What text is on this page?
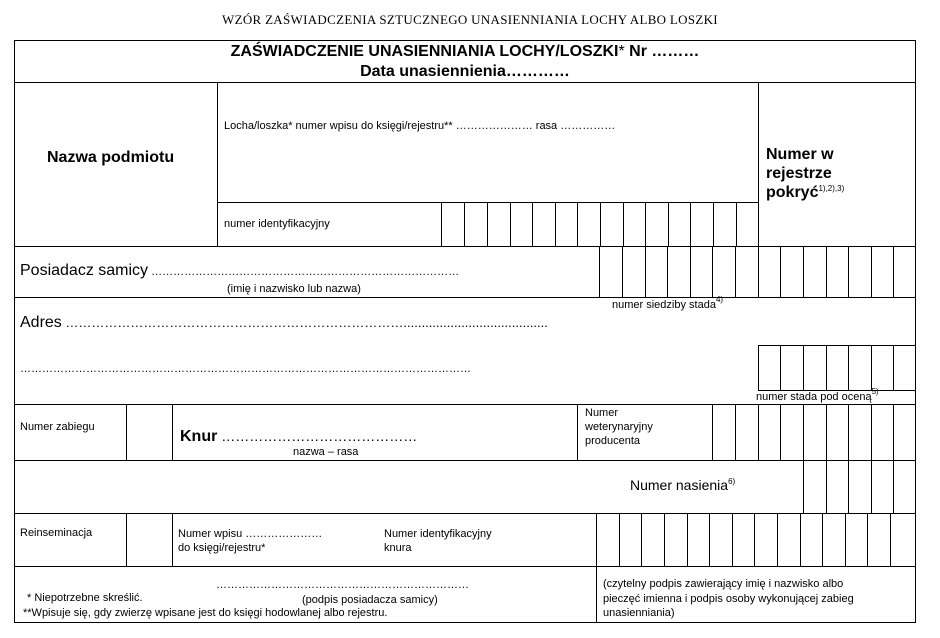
WZÓR ZAŚWIADCZENIA SZTUCZNEGO UNASIENNIANIA LOCHY ALBO LOSZKI
ZAŚWIADCZENIE UNASIENNIANIA LOCHY/LOSZKI* Nr ………
Data unasiennienia…………
Nazwa podmiotu
Locha/loszka* numer wpisu do księgi/rejestru** ………………… rasa ……………
numer identyfikacyjny
Numer w
rejestrze
pokryć$^{1),2),3)}$
Posiadacz samicy …………………………………………………………………………
(imię i nazwisko lub nazwa)
numer siedziby stada$^{4)}$
Adres ……………………………………………………………………........................................
……………………………………………………………………………………………………………
numer stada pod oceną$^{5)}$
Numer zabiegu
Knur ……………………………………
nazwa – rasa
Numer
weterynaryjny
producenta
Numer nasienia$^{6)}$
Reinseminacja	Numer wpisu …………………
do księgi/rejestru*
Numer identyfikacyjny
knura
……………………………………………………………
(podpis posiadacza samicy)
* Niepotrzebne skreślić.
**Wpisuje się, gdy zwierzę wpisane jest do księgi hodowlanej albo rejestru.
(czytelny podpis zawierający imię i nazwisko albo
pieczęć imienna i podpis osoby wykonującej zabieg
unasienniania)
